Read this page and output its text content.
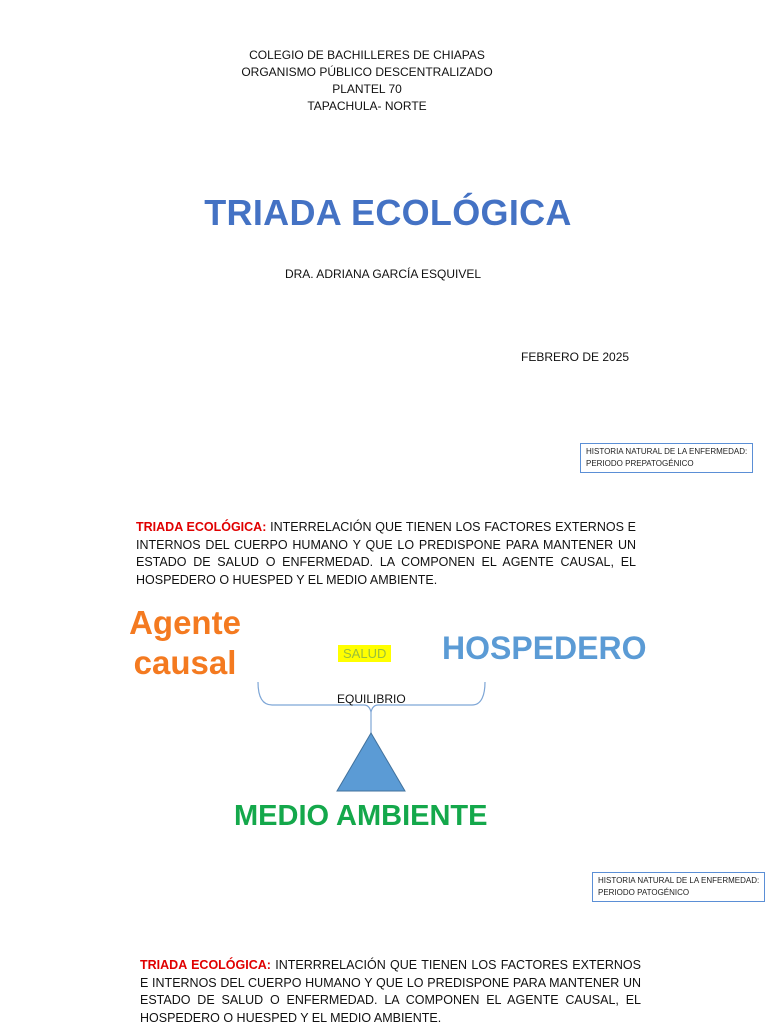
COLEGIO DE BACHILLERES DE CHIAPAS
ORGANISMO PÚBLICO DESCENTRALIZADO
PLANTEL 70
TAPACHULA- NORTE
TRIADA ECOLÓGICA
DRA. ADRIANA GARCÍA ESQUIVEL
FEBRERO DE 2025
HISTORIA NATURAL DE LA ENFERMEDAD:
PERIODO PREPATOGÉNICO
TRIADA ECOLÓGICA: INTERRELACIÓN QUE TIENEN LOS FACTORES EXTERNOS E INTERNOS DEL CUERPO HUMANO Y QUE LO PREDISPONE PARA MANTENER UN ESTADO DE SALUD O ENFERMEDAD. LA COMPONEN EL AGENTE CAUSAL, EL HOSPEDERO O HUESPED Y EL MEDIO AMBIENTE.
Agente causal	SALUD HOSPEDERO
EQUILIBRIO
MEDIO AMBIENTE
HISTORIA NATURAL DE LA ENFERMEDAD:
PERIODO PATOGÉNICO
TRIADA ECOLÓGICA: INTERRRELACIÓN QUE TIENEN LOS FACTORES EXTERNOS E INTERNOS DEL CUERPO HUMANO Y QUE LO PREDISPONE PARA MANTENER UN ESTADO DE SALUD O ENFERMEDAD. LA COMPONEN EL AGENTE CAUSAL, EL HOSPEDERO O HUESPED Y EL MEDIO AMBIENTE.
